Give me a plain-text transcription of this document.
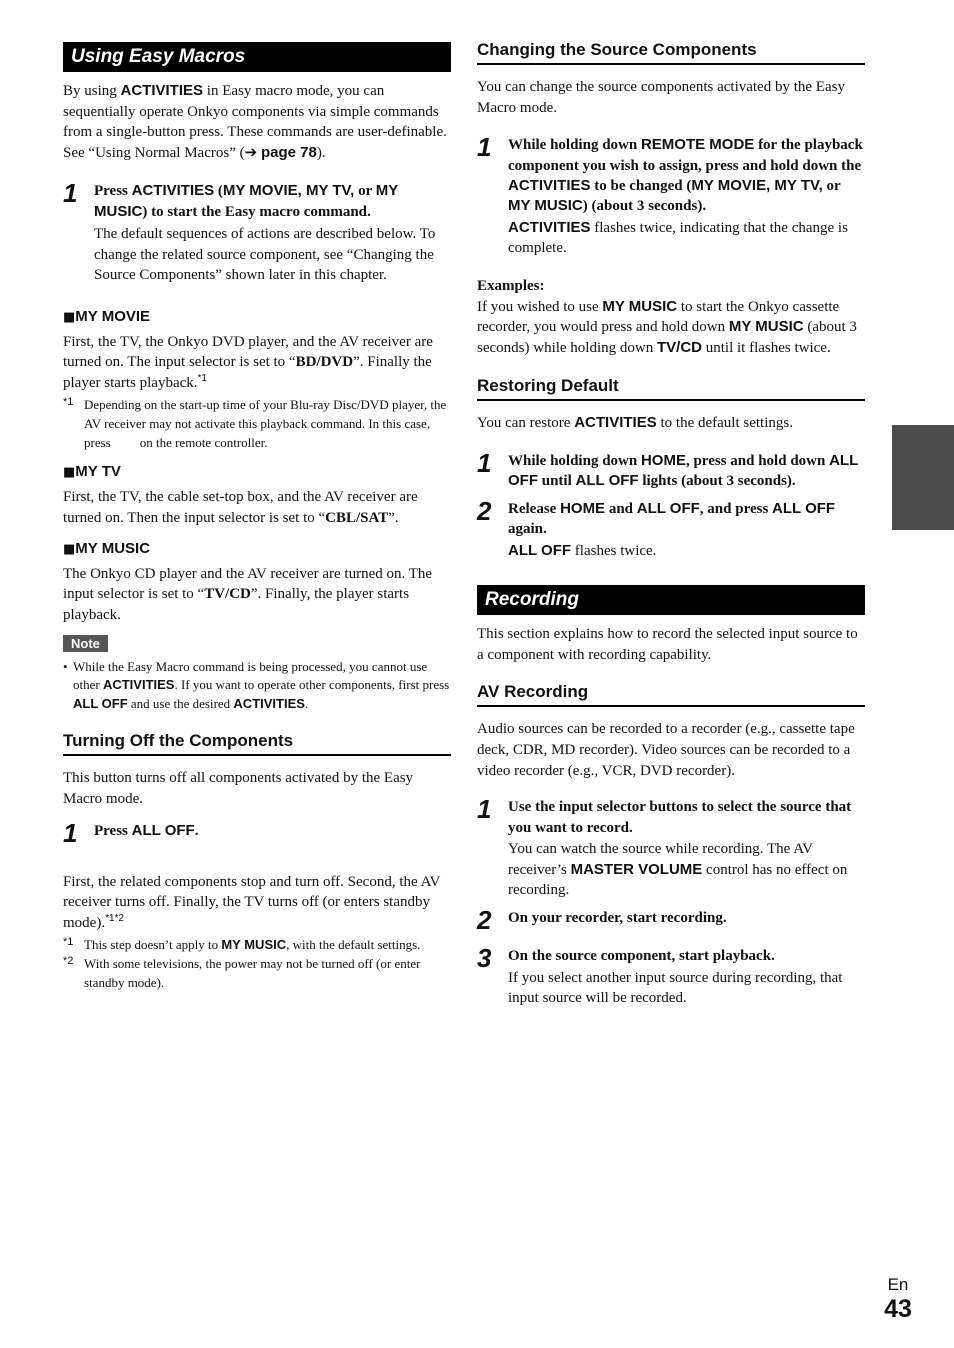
Using Easy Macros

By using ACTIVITIES in Easy macro mode, you can sequentially operate Onkyo components via simple commands from a single-button press. These commands are user-definable. See “Using Normal Macros” (➔ page 78).

1 Press ACTIVITIES (MY MOVIE, MY TV, or MY MUSIC) to start the Easy macro command.

The default sequences of actions are described below. To change the related source component, see “Changing the Source Components” shown later in this chapter.

■MY MOVIE

First, the TV, the Onkyo DVD player, and the AV receiver are turned on. The input selector is set to “BD/DVD”. Finally the player starts playback.$^{*1}$

*1 Depending on the start-up time of your Blu-ray Disc/DVD player, the AV receiver may not activate this playback command. In this case, press on the remote controller.

■MY TV

First, the TV, the cable set-top box, and the AV receiver are turned on. Then the input selector is set to “CBL/SAT”.

■MY MUSIC

The Onkyo CD player and the AV receiver are turned on. The input selector is set to “TV/CD”. Finally, the player starts playback.

Note

• While the Easy Macro command is being processed, you cannot use other ACTIVITIES. If you want to operate other components, first press ALL OFF and use the desired ACTIVITIES.

Turning Off the Components

This button turns off all components activated by the Easy Macro mode.

1 Press ALL OFF.

First, the related components stop and turn off. Second, the AV receiver turns off. Finally, the TV turns off (or enters standby mode).$^{*1*2}$

*1 This step doesn’t apply to MY MUSIC, with the default settings.

*2 With some televisions, the power may not be turned off (or enter standby mode).

Changing the Source Components

You can change the source components activated by the Easy Macro mode.

1 While holding down REMOTE MODE for the playback component you wish to assign, press and hold down the ACTIVITIES to be changed (MY MOVIE, MY TV, or MY MUSIC) (about 3 seconds).

ACTIVITIES flashes twice, indicating that the change is complete.

Examples:

If you wished to use MY MUSIC to start the Onkyo cassette recorder, you would press and hold down MY MUSIC (about 3 seconds) while holding down TV/CD until it flashes twice.

Restoring Default

You can restore ACTIVITIES to the default settings.

1 While holding down HOME, press and hold down ALL OFF until ALL OFF lights (about 3 seconds).

2 Release HOME and ALL OFF, and press ALL OFF again.

ALL OFF flashes twice.

Recording

This section explains how to record the selected input source to a component with recording capability.

AV Recording

Audio sources can be recorded to a recorder (e.g., cassette tape deck, CDR, MD recorder). Video sources can be recorded to a video recorder (e.g., VCR, DVD recorder).

1 Use the input selector buttons to select the source that you want to record.

You can watch the source while recording. The AV receiver’s MASTER VOLUME control has no effect on recording.

2 On your recorder, start recording.

3 On the source component, start playback.

If you select another input source during recording, that input source will be recorded.

En
43
